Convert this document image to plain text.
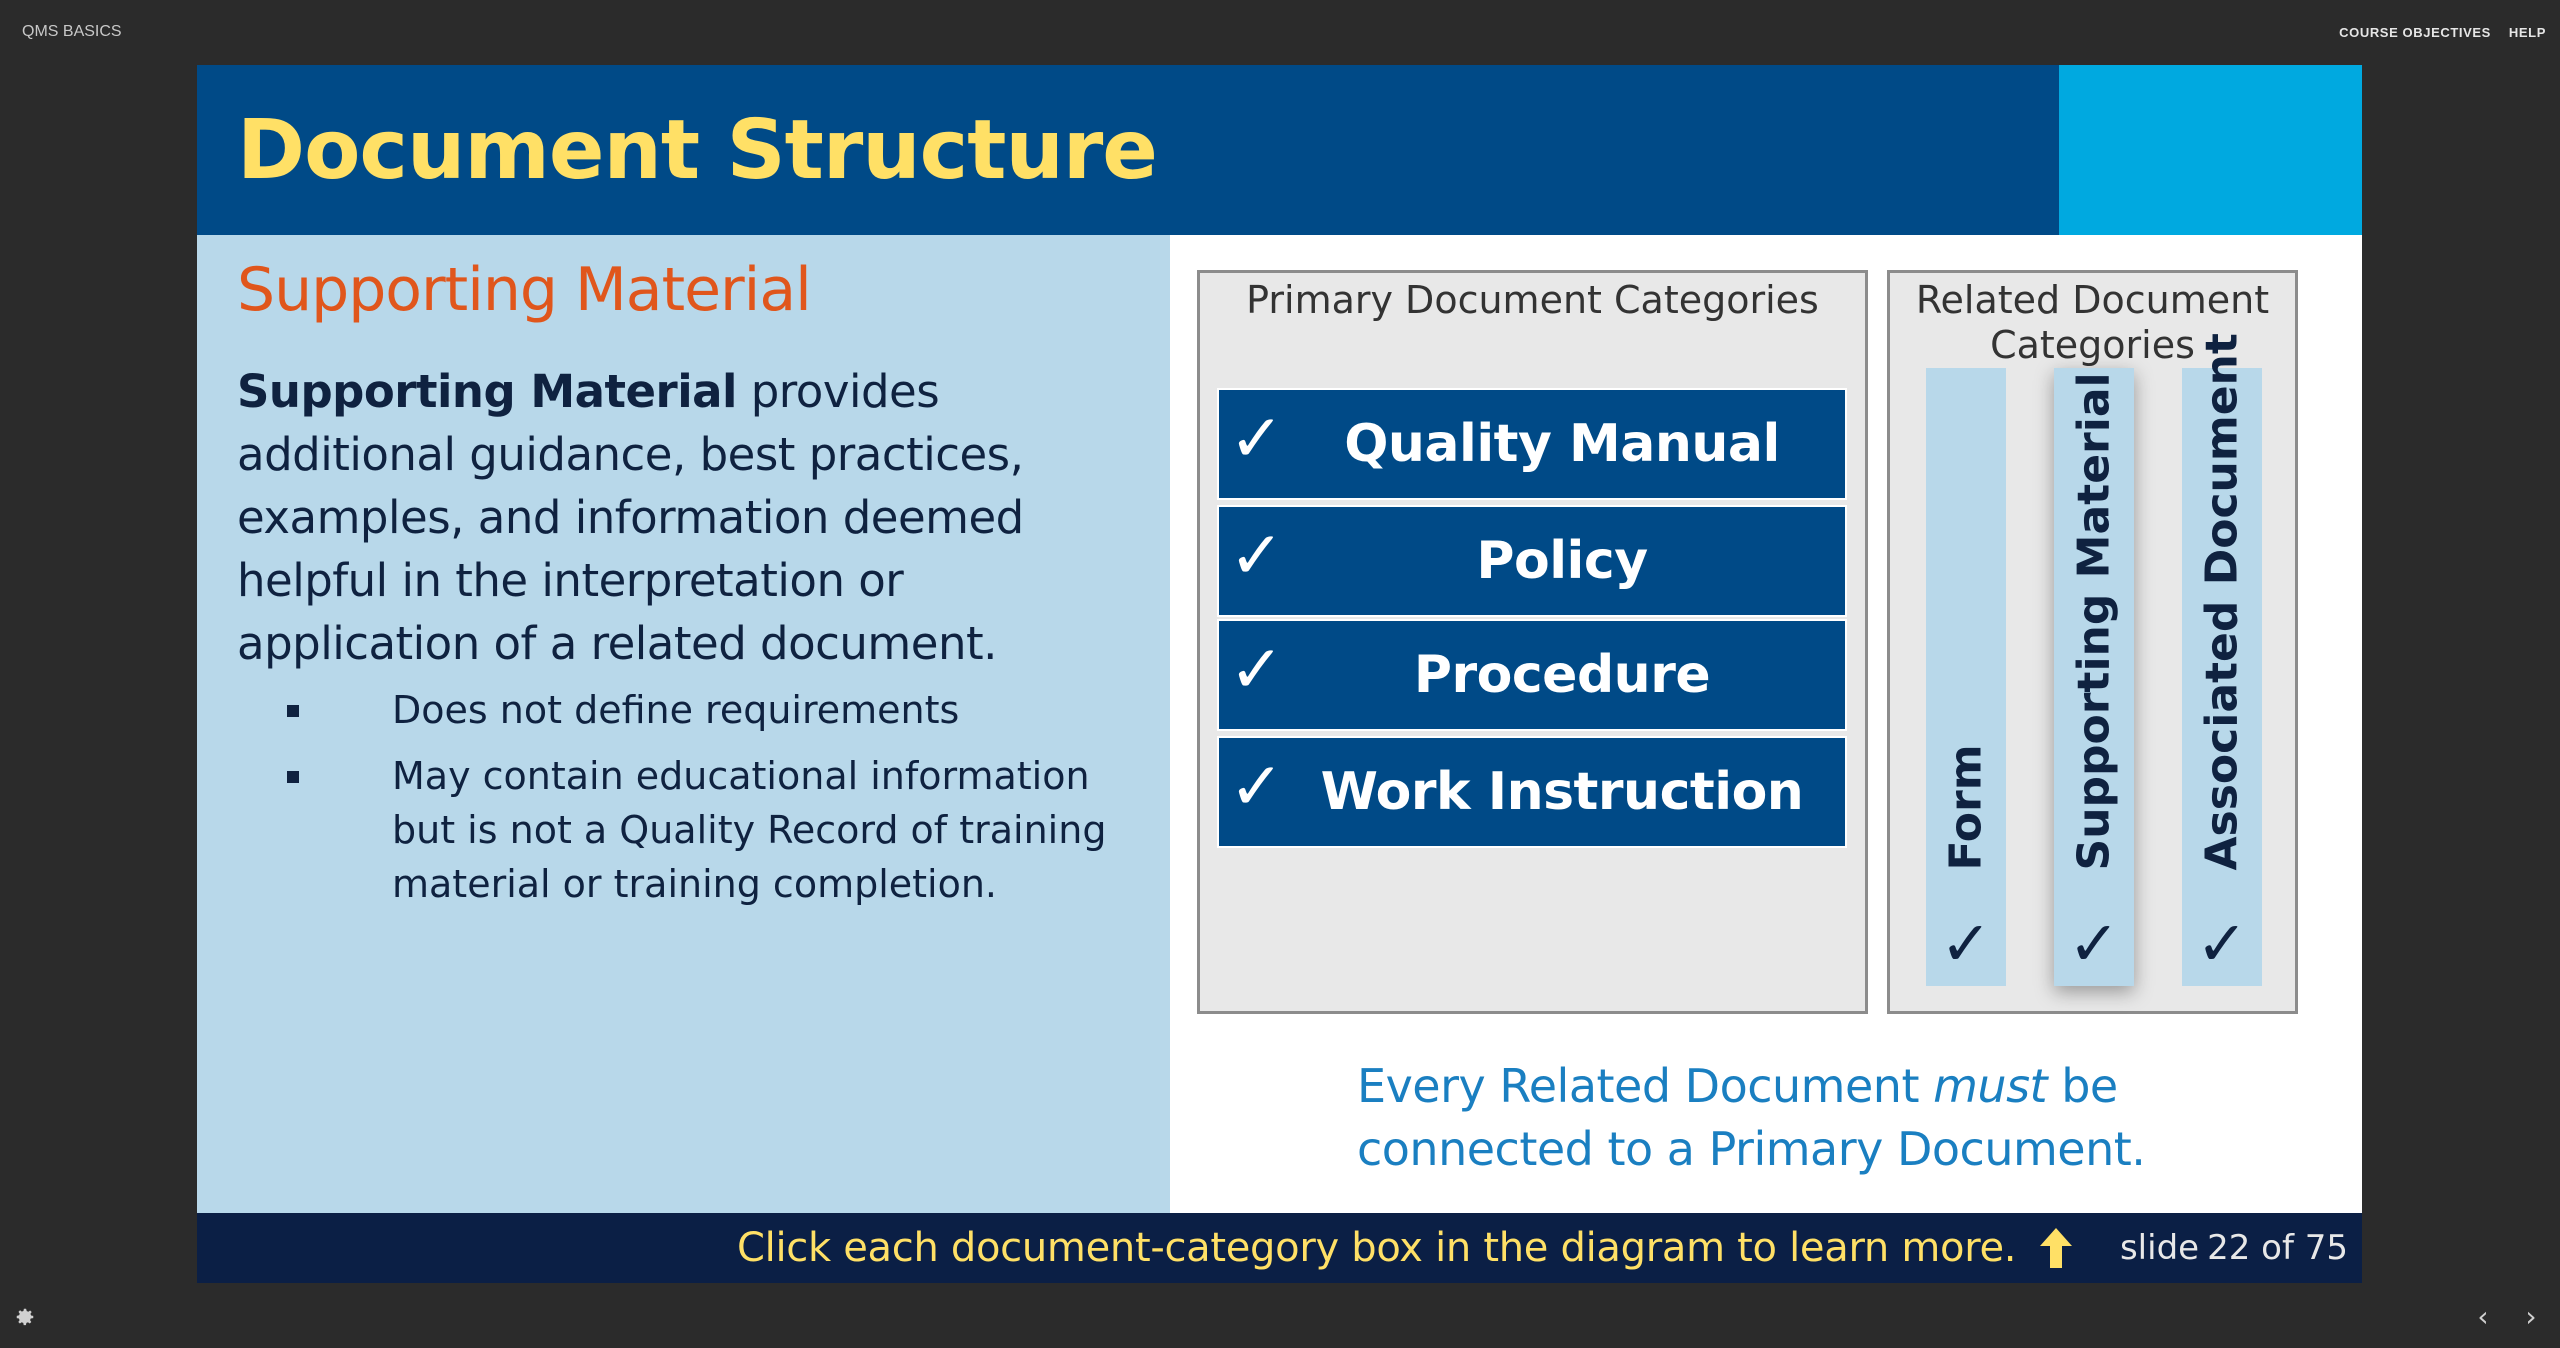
QMS BASICS	COURSE OBJECTIVES HELP
Document Structure
Supporting Material
Supporting Material provides additional guidance, best practices, examples, and information deemed helpful in the interpretation or application of a related document.
Does not define requirements
May contain educational information but is not a Quality Record of training material or training completion.
Primary Document Categories
✓	Quality Manual
✓	Policy
✓	Procedure
✓ Work Instruction
Related Document Categories
Form
✓
Supporting Material
✓
Associated Document
✓
Every Related Document must be connected to a Primary Document.
Click each document-category box in the diagram to learn more.	slide 22 of 75
‹	›
